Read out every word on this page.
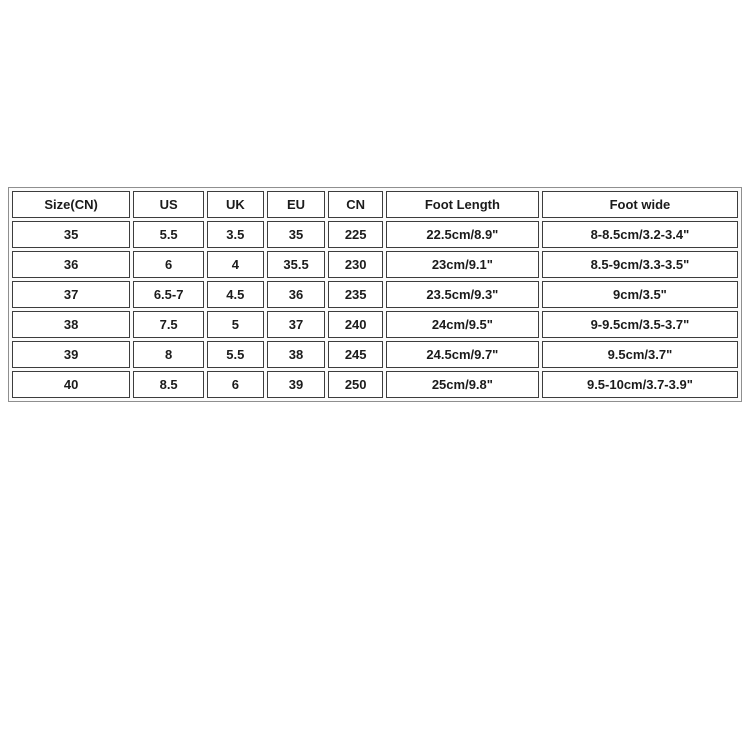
Size(CN)	US	UK	EU	CN	Foot Length	Foot wide
35	5.5	3.5	35	225	22.5cm/8.9"	8-8.5cm/3.2-3.4"
36	6	4	35.5	230	23cm/9.1"	8.5-9cm/3.3-3.5"
37	6.5-7	4.5	36	235	23.5cm/9.3"	9cm/3.5"
38	7.5	5	37	240	24cm/9.5"	9-9.5cm/3.5-3.7"
39	8	5.5	38	245	24.5cm/9.7"	9.5cm/3.7"
40	8.5	6	39	250	25cm/9.8"	9.5-10cm/3.7-3.9"
